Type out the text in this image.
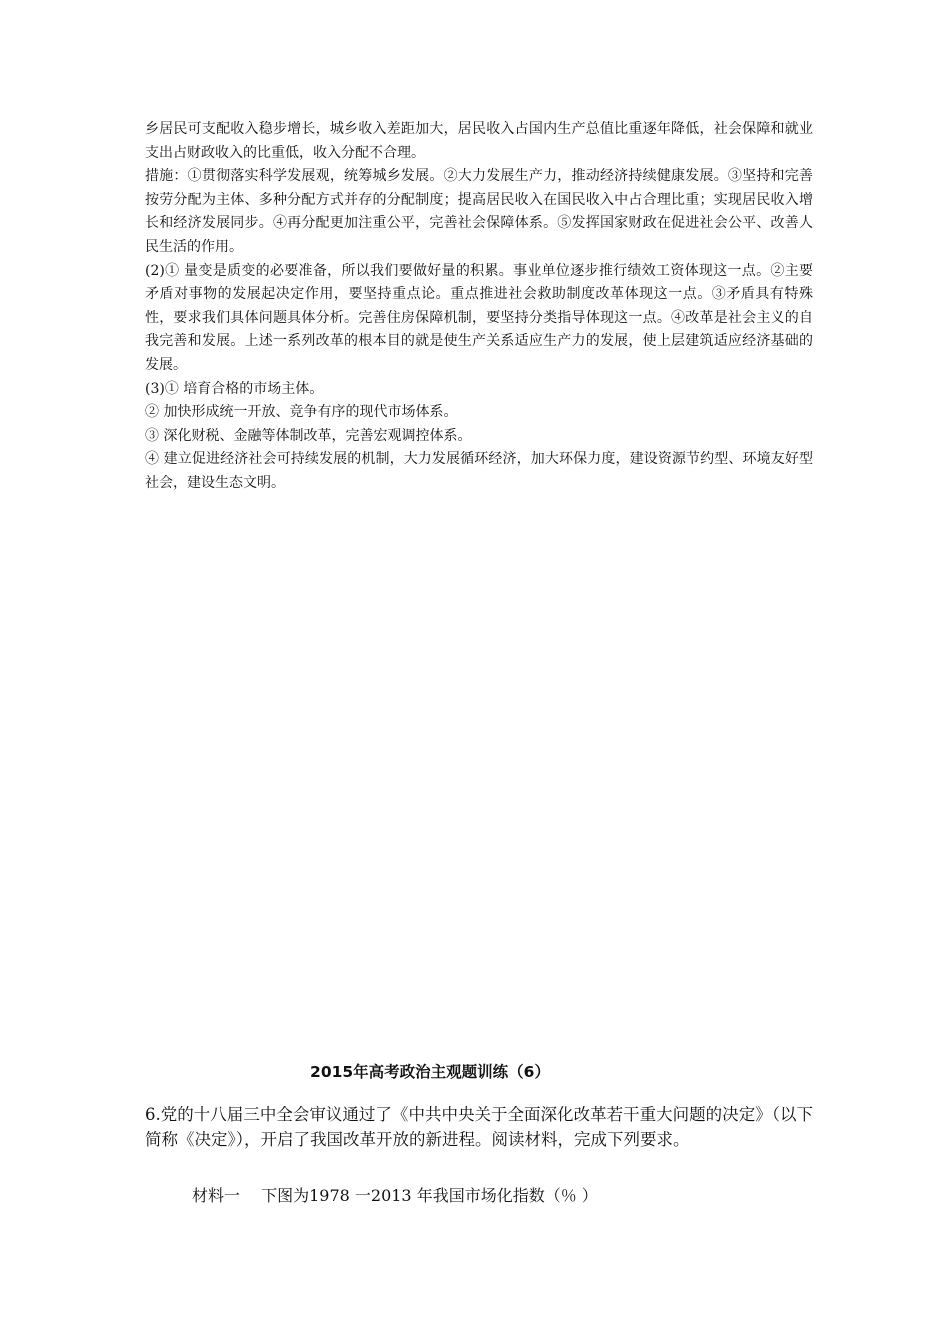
乡居民可支配收入稳步增长，城乡收入差距加大，居民收入占国内生产总值比重逐年降低，社会保障和就业支出占财政收入的比重低，收入分配不合理。

措施：①贯彻落实科学发展观，统筹城乡发展。②大力发展生产力，推动经济持续健康发展。③坚持和完善按劳分配为主体、多种分配方式并存的分配制度；提高居民收入在国民收入中占合理比重；实现居民收入增长和经济发展同步。④再分配更加注重公平，完善社会保障体系。⑤发挥国家财政在促进社会公平、改善人民生活的作用。

(2)① 量变是质变的必要准备，所以我们要做好量的积累。事业单位逐步推行绩效工资体现这一点。②主要矛盾对事物的发展起决定作用，要坚持重点论。重点推进社会救助制度改革体现这一点。③矛盾具有特殊性，要求我们具体问题具体分析。完善住房保障机制，要坚持分类指导体现这一点。④改革是社会主义的自我完善和发展。上述一系列改革的根本目的就是使生产关系适应生产力的发展，使上层建筑适应经济基础的发展。

(3)① 培育合格的市场主体。

② 加快形成统一开放、竞争有序的现代市场体系。

③ 深化财税、金融等体制改革，完善宏观调控体系。

④ 建立促进经济社会可持续发展的机制，大力发展循环经济，加大环保力度，建设资源节约型、环境友好型社会，建设生态文明。

2015年高考政治主观题训练（6）

6.党的十八届三中全会审议通过了《中共中央关于全面深化改革若干重大问题的决定》（以下简称《决定》），开启了我国改革开放的新进程。阅读材料，完成下列要求。

材料一　 下图为1978 一2013 年我国市场化指数（％ ）
